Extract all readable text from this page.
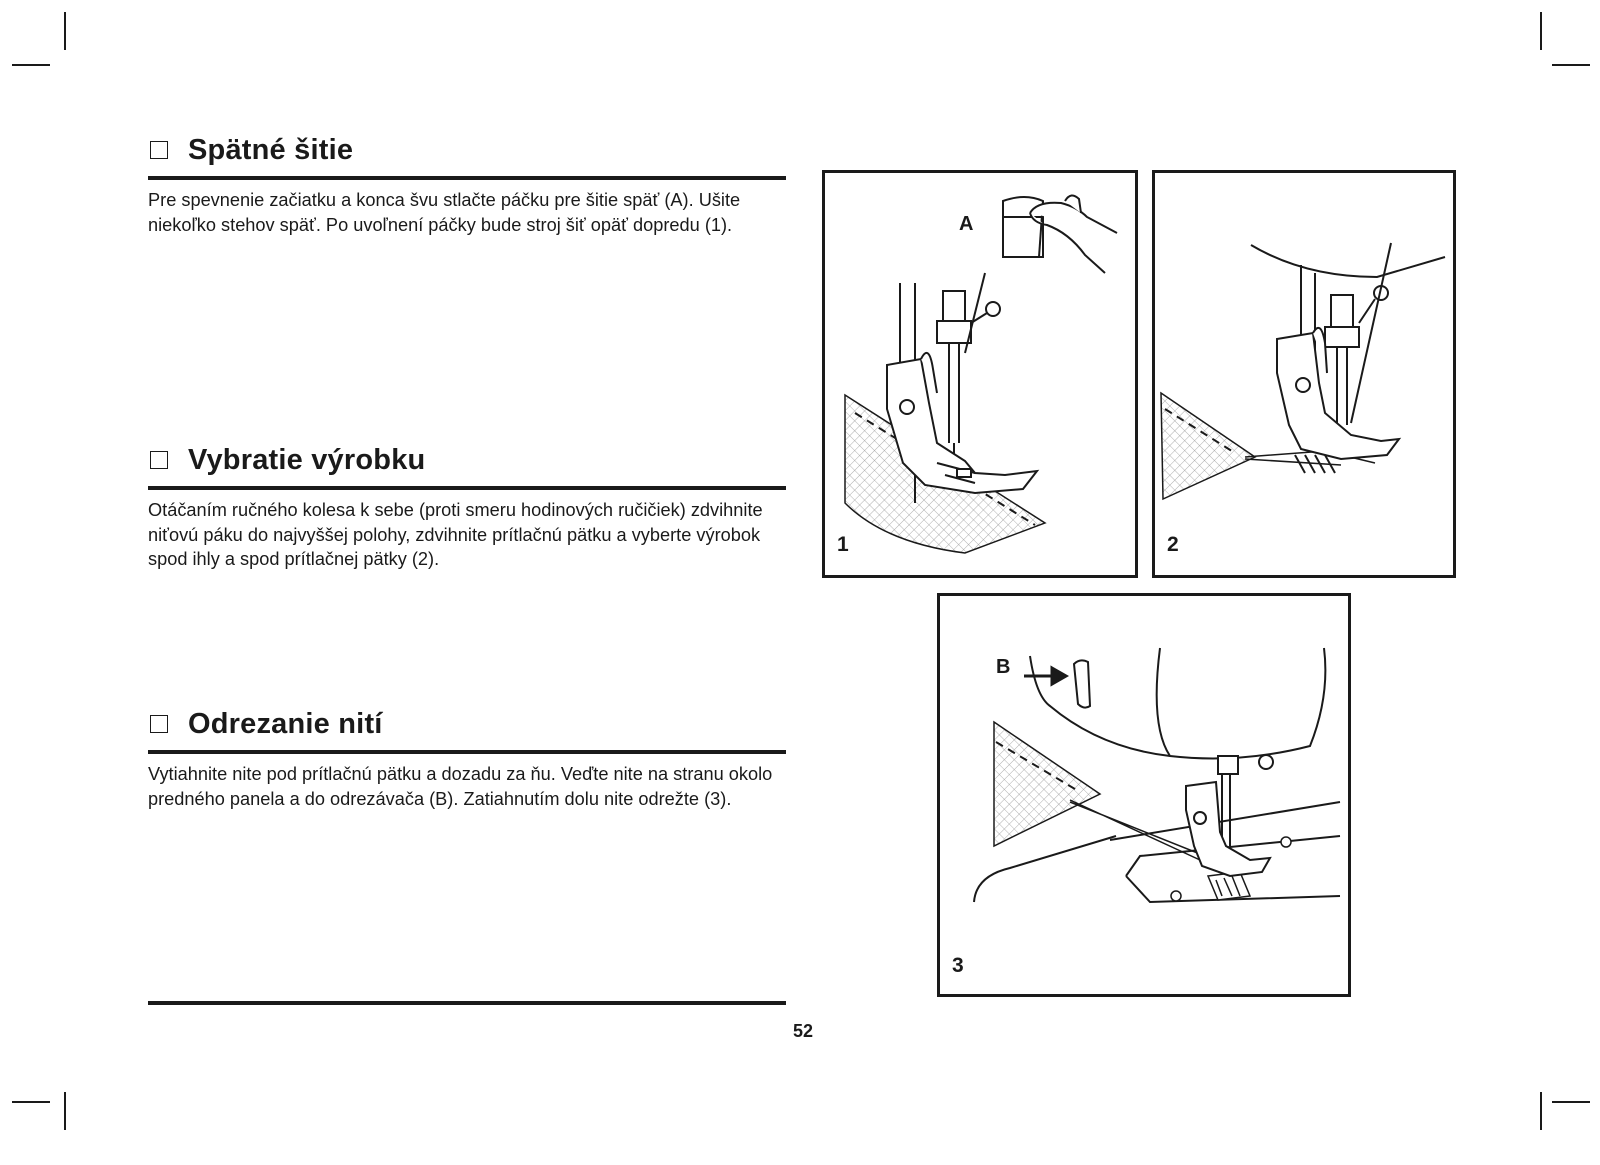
Spätné šitie
Pre spevnenie začiatku a konca švu stlačte páčku pre šitie späť (A). Ušite niekoľko stehov späť. Po uvoľnení páčky bude stroj šiť opäť dopredu (1).
Vybratie výrobku
Otáčaním ručného kolesa k sebe (proti smeru hodinových ručičiek) zdvihnite niťovú páku do najvyššej polohy, zdvihnite prítlačnú pätku a vyberte výrobok spod ihly a spod prítlačnej pätky (2).
Odrezanie nití
Vytiahnite nite pod prítlačnú pätku a dozadu za ňu. Veďte nite na stranu okolo predného panela a do odrezávača (B). Zatiahnutím dolu nite odrežte (3).
52
A
1	2
B
3
